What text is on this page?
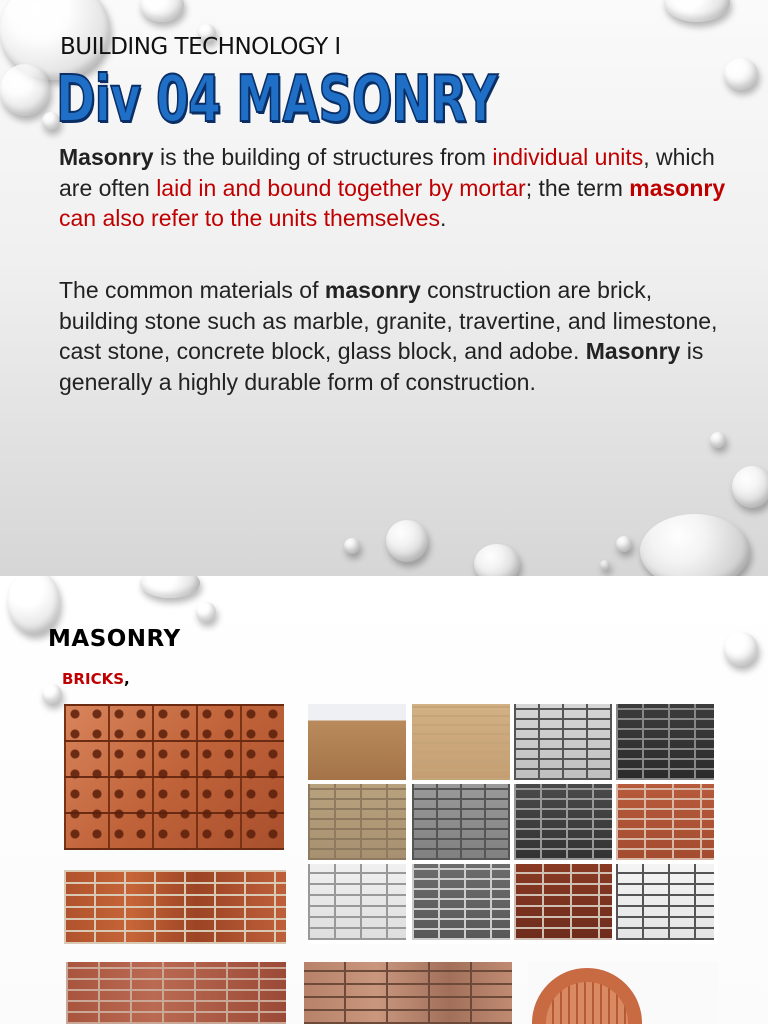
BUILDING TECHNOLOGY I
Div 04 MASONRY
Masonry is the building of structures from individual units, which are often laid in and bound together by mortar; the term masonry can also refer to the units themselves.
The common materials of masonry construction are brick, building stone such as marble, granite, travertine, and limestone, cast stone, concrete block, glass block, and adobe. Masonry is generally a highly durable form of construction.
MASONRY
BRICKS,
